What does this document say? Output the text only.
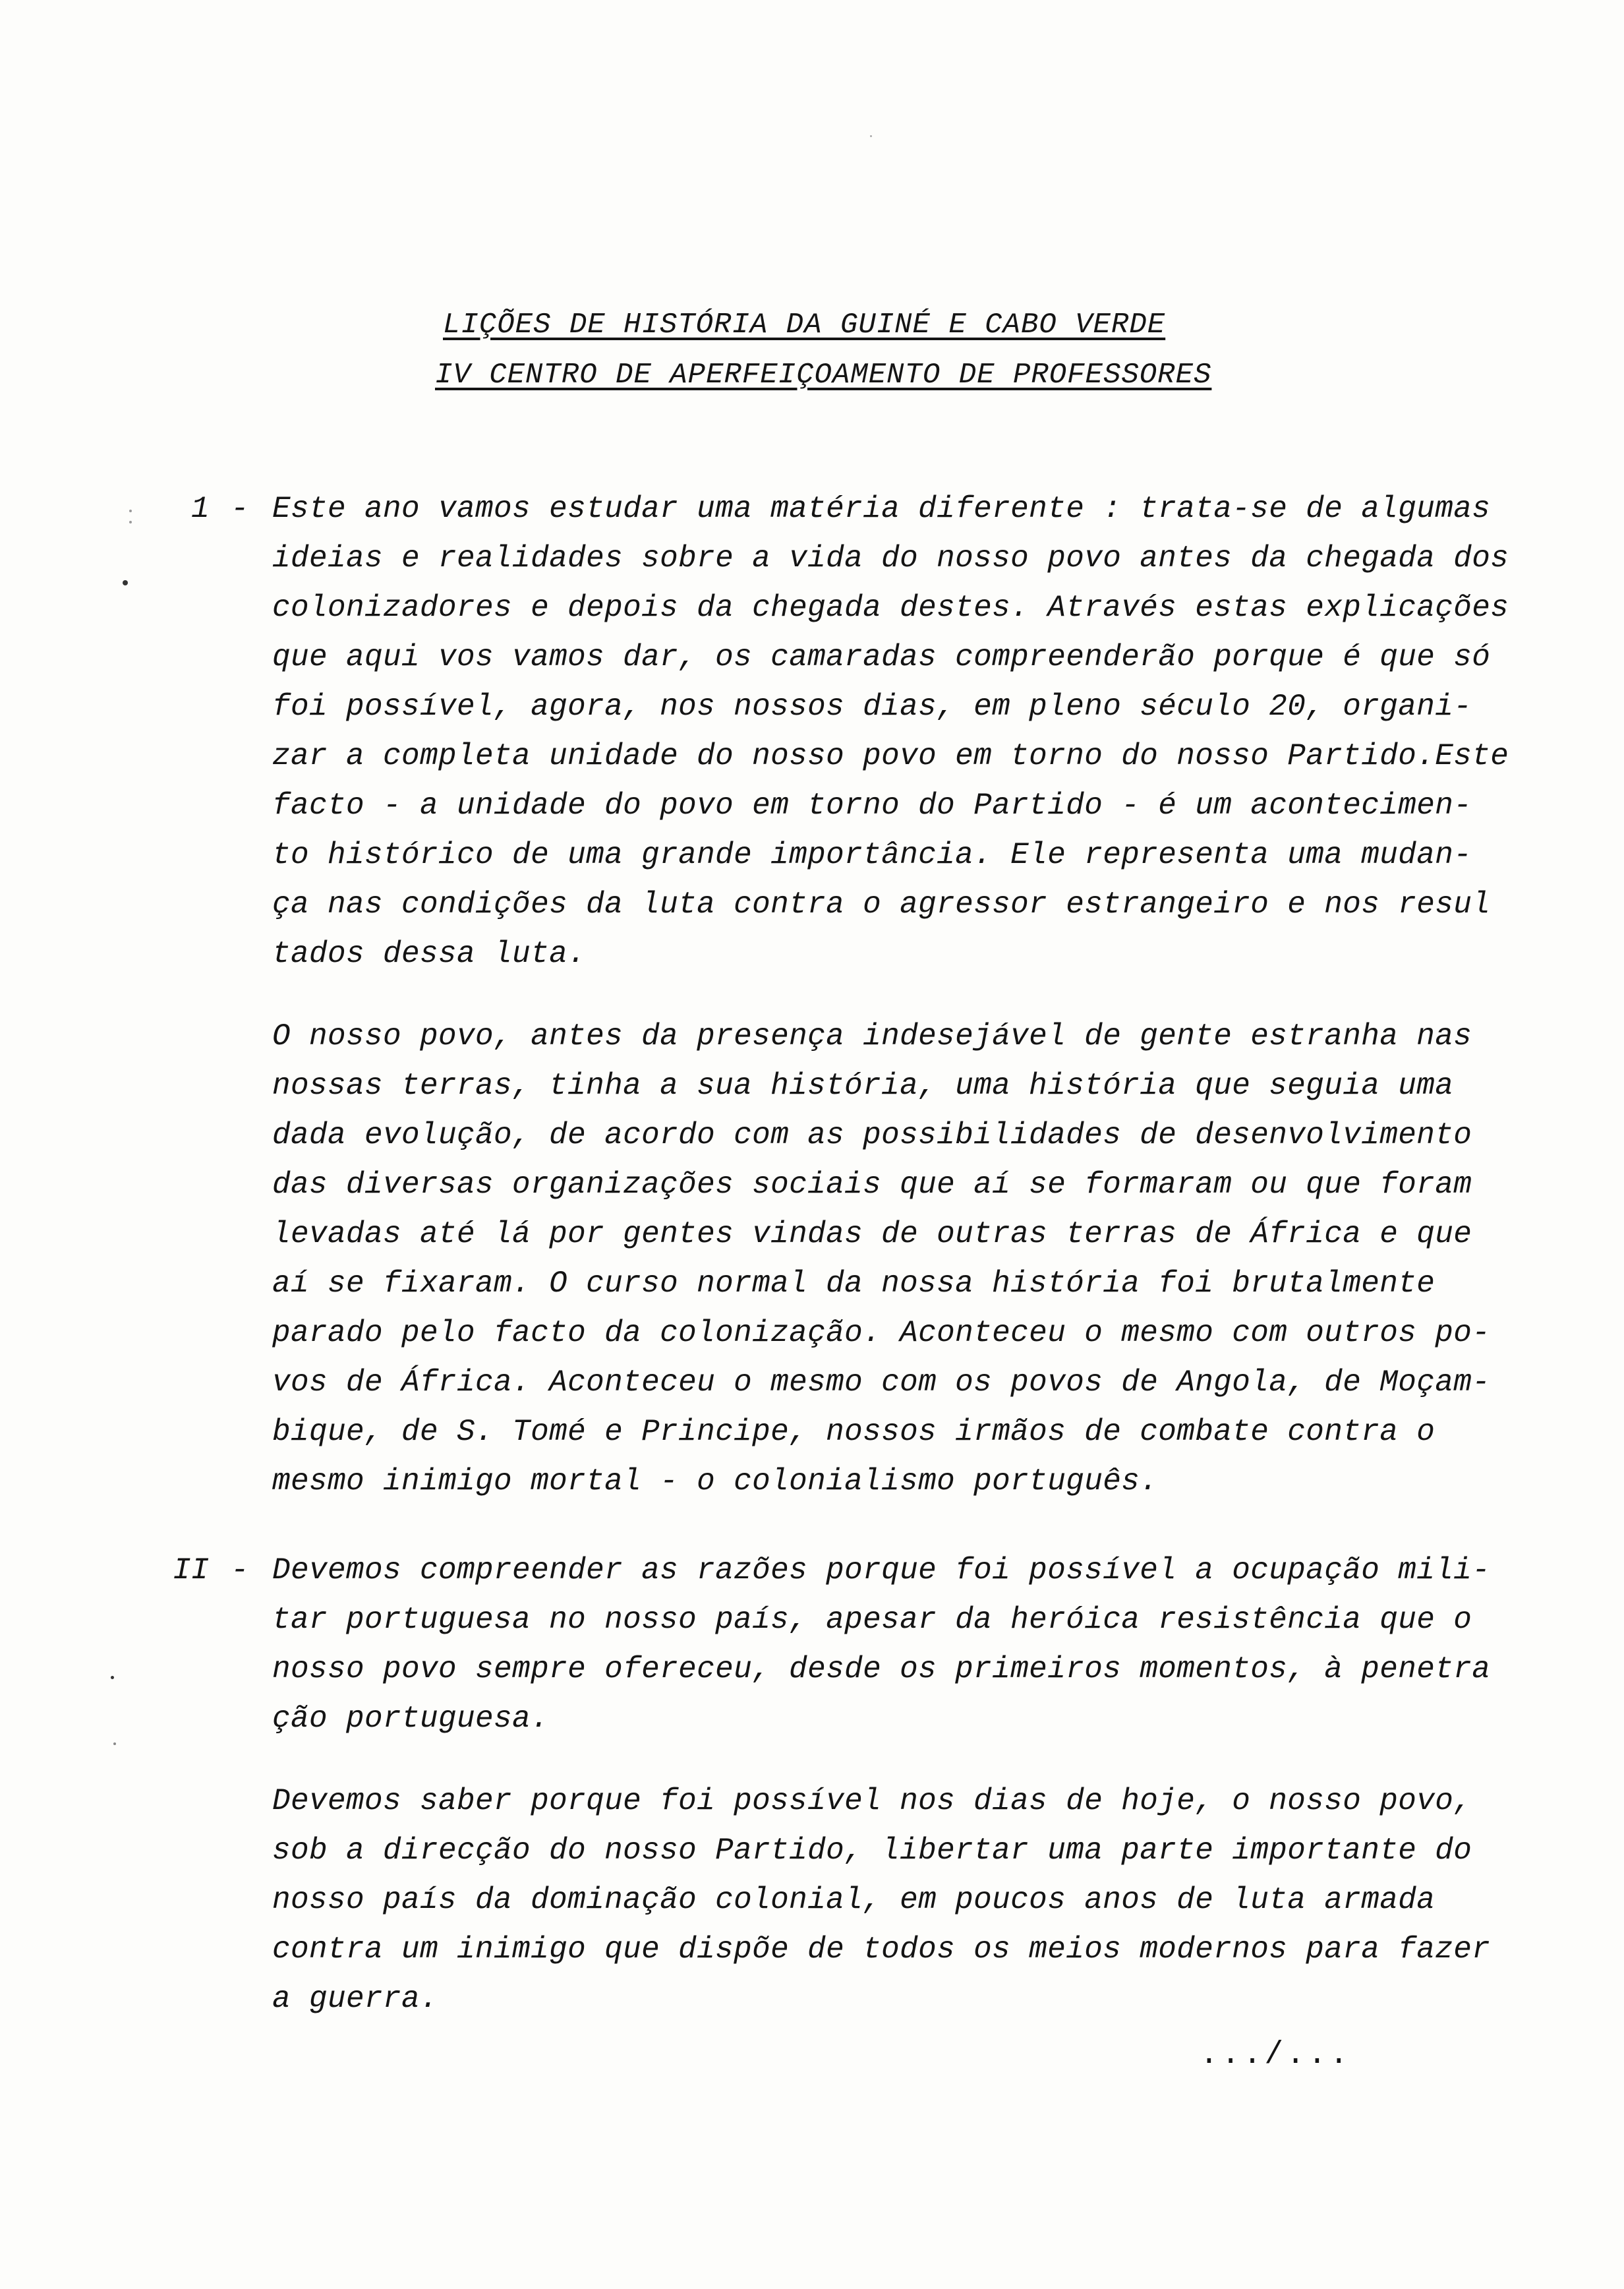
LIÇÕES DE HISTÓRIA DA GUINÉ E CABO VERDE
IV CENTRO DE APERFEIÇOAMENTO DE PROFESSORES
1 - Este ano vamos estudar uma matéria diferente : trata-se de algumas
ideias e realidades sobre a vida do nosso povo antes da chegada dos
colonizadores e depois da chegada destes. Através estas explicações
que aqui vos vamos dar, os camaradas compreenderão porque é que só
foi possível, agora, nos nossos dias, em pleno século 20, organi-
zar a completa unidade do nosso povo em torno do nosso Partido.Este
facto - a unidade do povo em torno do Partido - é um acontecimen-
to histórico de uma grande importância. Ele representa uma mudan-
ça nas condições da luta contra o agressor estrangeiro e nos resul
tados dessa luta.
O nosso povo, antes da presença indesejável de gente estranha nas
nossas terras, tinha a sua história, uma história que seguia uma
dada evolução, de acordo com as possibilidades de desenvolvimento
das diversas organizações sociais que aí se formaram ou que foram
levadas até lá por gentes vindas de outras terras de África e que
aí se fixaram. O curso normal da nossa história foi brutalmente
parado pelo facto da colonização. Aconteceu o mesmo com outros po-
vos de África. Aconteceu o mesmo com os povos de Angola, de Moçam-
bique, de S. Tomé e Principe, nossos irmãos de combate contra o
mesmo inimigo mortal - o colonialismo português.
II - Devemos compreender as razões porque foi possível a ocupação mili-
tar portuguesa no nosso país, apesar da heróica resistência que o
nosso povo sempre ofereceu, desde os primeiros momentos, à penetra
ção portuguesa.
Devemos saber porque foi possível nos dias de hoje, o nosso povo,
sob a direcção do nosso Partido, libertar uma parte importante do
nosso país da dominação colonial, em poucos anos de luta armada
contra um inimigo que dispõe de todos os meios modernos para fazer
a guerra.
.../...
